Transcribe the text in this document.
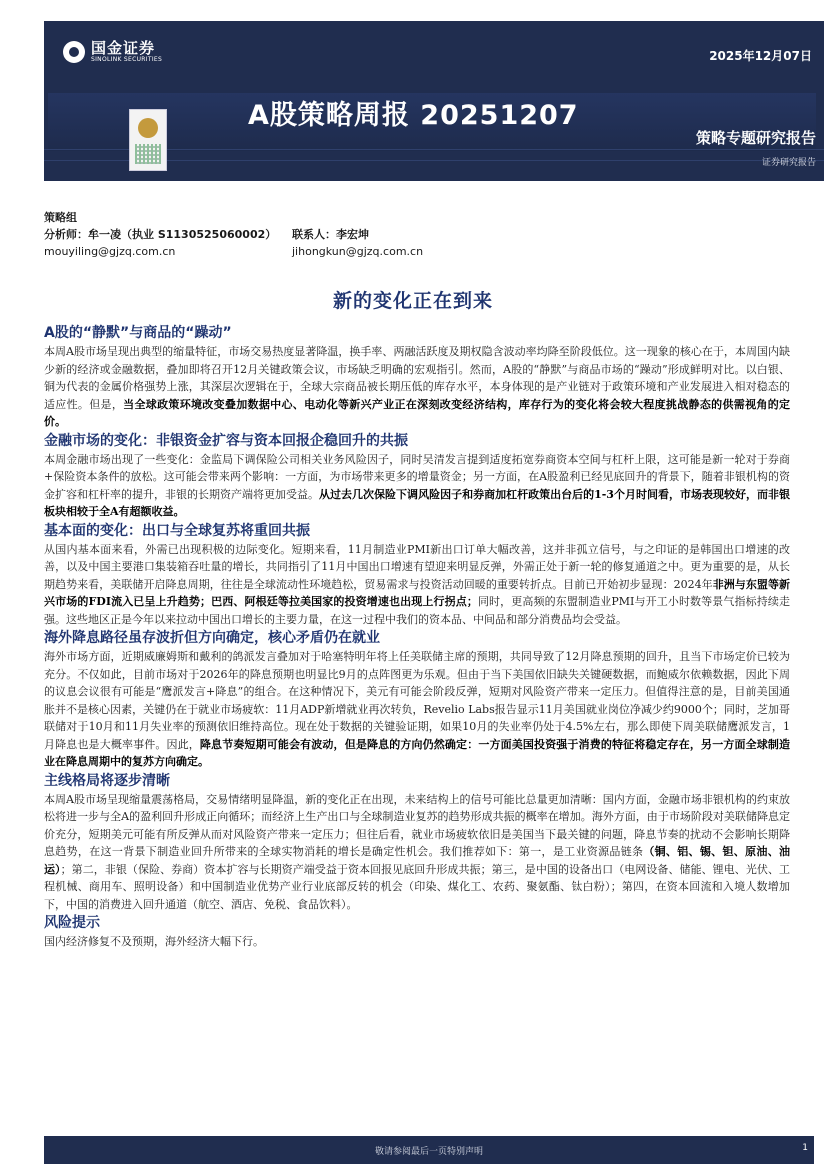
国金证券
SINOLINK SECURITIES	2025年12月07日
A股策略周报 20251207
策略专题研究报告
证券研究报告
策略组
分析师：牟一凌（执业 S1130525060002） 联系人：李宏坤
mouyiling@gjzq.com.cn	jihongkun@gjzq.com.cn
新的变化正在到来
A股的“静默”与商品的“躁动”

本周A股市场呈现出典型的缩量特征，市场交易热度显著降温，换手率、两融活跃度及期权隐含波动率均降至阶段低位。这一现象的核心在于，本周国内缺少新的经济或金融数据，叠加即将召开12月关键政策会议，市场缺乏明确的宏观指引。然而，A股的“静默”与商品市场的“躁动”形成鲜明对比。以白银、铜为代表的金属价格强势上涨，其深层次逻辑在于，全球大宗商品被长期压低的库存水平，本身体现的是产业链对于政策环境和产业发展进入相对稳态的适应性。但是，当全球政策环境改变叠加数据中心、电动化等新兴产业正在深刻改变经济结构，库存行为的变化将会较大程度挑战静态的供需视角的定价。

金融市场的变化：非银资金扩容与资本回报企稳回升的共振

本周金融市场出现了一些变化：金监局下调保险公司相关业务风险因子，同时吴清发言提到适度拓宽券商资本空间与杠杆上限，这可能是新一轮对于券商+保险资本条件的放松。这可能会带来两个影响：一方面，为市场带来更多的增量资金；另一方面，在A股盈利已经见底回升的背景下，随着非银机构的资金扩容和杠杆率的提升，非银的长期资产端将更加受益。从过去几次保险下调风险因子和券商加杠杆政策出台后的1-3个月时间看，市场表现较好，而非银板块相较于全A有超额收益。

基本面的变化：出口与全球复苏将重回共振

从国内基本面来看，外需已出现积极的边际变化。短期来看，11月制造业PMI新出口订单大幅改善，这并非孤立信号，与之印证的是韩国出口增速的改善，以及中国主要港口集装箱吞吐量的增长，共同指引了11月中国出口增速有望迎来明显反弹，外需正处于新一轮的修复通道之中。更为重要的是，从长期趋势来看，美联储开启降息周期，往往是全球流动性环境趋松，贸易需求与投资活动回暖的重要转折点。目前已开始初步显现：2024年非洲与东盟等新兴市场的FDI流入已呈上升趋势；巴西、阿根廷等拉美国家的投资增速也出现上行拐点；同时，更高频的东盟制造业PMI与开工小时数等景气指标持续走强。这些地区正是今年以来拉动中国出口增长的主要力量，在这一过程中我们的资本品、中间品和部分消费品均会受益。

海外降息路径虽存波折但方向确定，核心矛盾仍在就业

海外市场方面，近期威廉姆斯和戴利的鸽派发言叠加对于哈塞特明年将上任美联储主席的预期，共同导致了12月降息预期的回升，且当下市场定价已较为充分。不仅如此，目前市场对于2026年的降息预期也明显比9月的点阵图更为乐观。但由于当下美国依旧缺失关键硬数据，而鲍威尔依赖数据，因此下周的议息会议很有可能是“鹰派发言+降息”的组合。在这种情况下，美元有可能会阶段反弹，短期对风险资产带来一定压力。但值得注意的是，目前美国通胀并不是核心因素，关键仍在于就业市场疲软：11月ADP新增就业再次转负，Revelio Labs报告显示11月美国就业岗位净减少约9000个；同时，芝加哥联储对于10月和11月失业率的预测依旧维持高位。现在处于数据的关键验证期，如果10月的失业率仍处于4.5%左右，那么即使下周美联储鹰派发言，1月降息也是大概率事件。因此，降息节奏短期可能会有波动，但是降息的方向仍然确定：一方面美国投资强于消费的特征将稳定存在，另一方面全球制造业在降息周期中的复苏方向确定。

主线格局将逐步清晰

本周A股市场呈现缩量震荡格局，交易情绪明显降温，新的变化正在出现，未来结构上的信号可能比总量更加清晰：国内方面，金融市场非银机构的约束放松将进一步与全A的盈利回升形成正向循环；而经济上生产出口与全球制造业复苏的趋势形成共振的概率在增加。海外方面，由于市场阶段对美联储降息定价充分，短期美元可能有所反弹从而对风险资产带来一定压力；但往后看，就业市场疲软依旧是美国当下最关键的问题，降息节奏的扰动不会影响长期降息趋势，在这一背景下制造业回升所带来的全球实物消耗的增长是确定性机会。我们推荐如下：第一，是工业资源品链条（铜、铝、锡、钽、原油、油运）；第二，非银（保险、券商）资本扩容与长期资产端受益于资本回报见底回升形成共振；第三，是中国的设备出口（电网设备、储能、锂电、光伏、工程机械、商用车、照明设备）和中国制造业优势产业行业底部反转的机会（印染、煤化工、农药、聚氨酯、钛白粉）；第四，在资本回流和入境人数增加下，中国的消费进入回升通道（航空、酒店、免税、食品饮料）。

风险提示

国内经济修复不及预期，海外经济大幅下行。

敬请参阅最后一页特别声明	1
